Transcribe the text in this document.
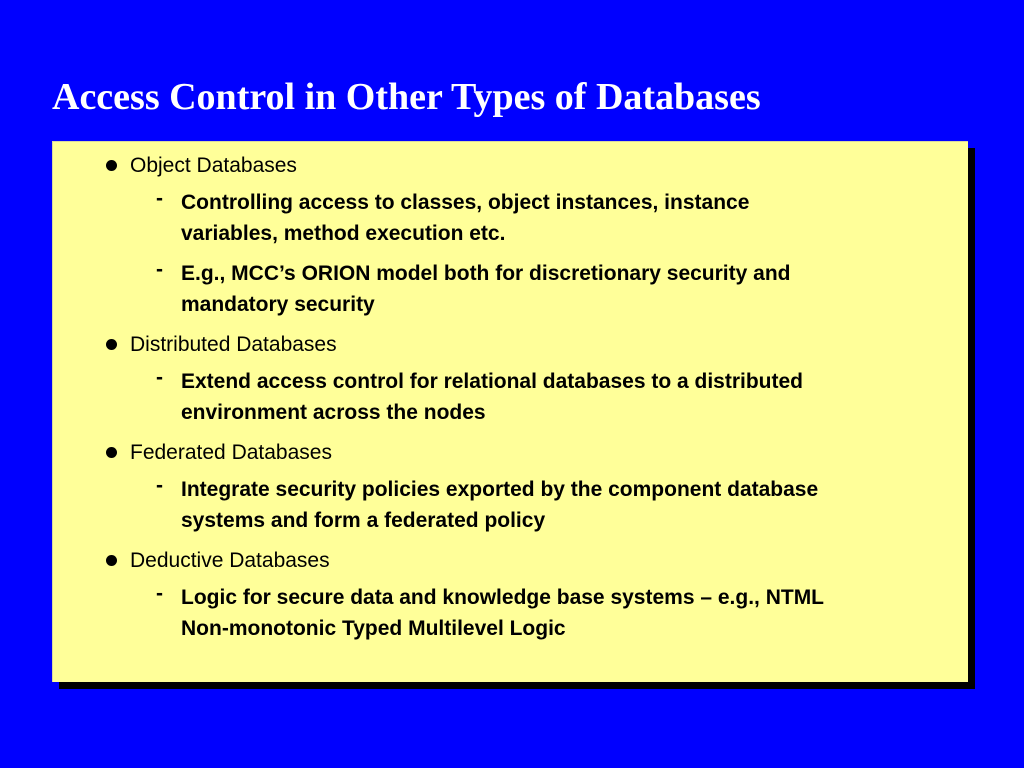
Access Control in Other Types of Databases
Object Databases
- Controlling access to classes, object instances, instance
variables, method execution etc.
- E.g., MCC’s ORION model both for discretionary security and
mandatory security
Distributed Databases
- Extend access control for relational databases to a distributed
environment across the nodes
Federated Databases
- Integrate security policies exported by the component database
systems and form a federated policy
Deductive Databases
- Logic for secure data and knowledge base systems – e.g., NTML
Non-monotonic Typed Multilevel Logic
